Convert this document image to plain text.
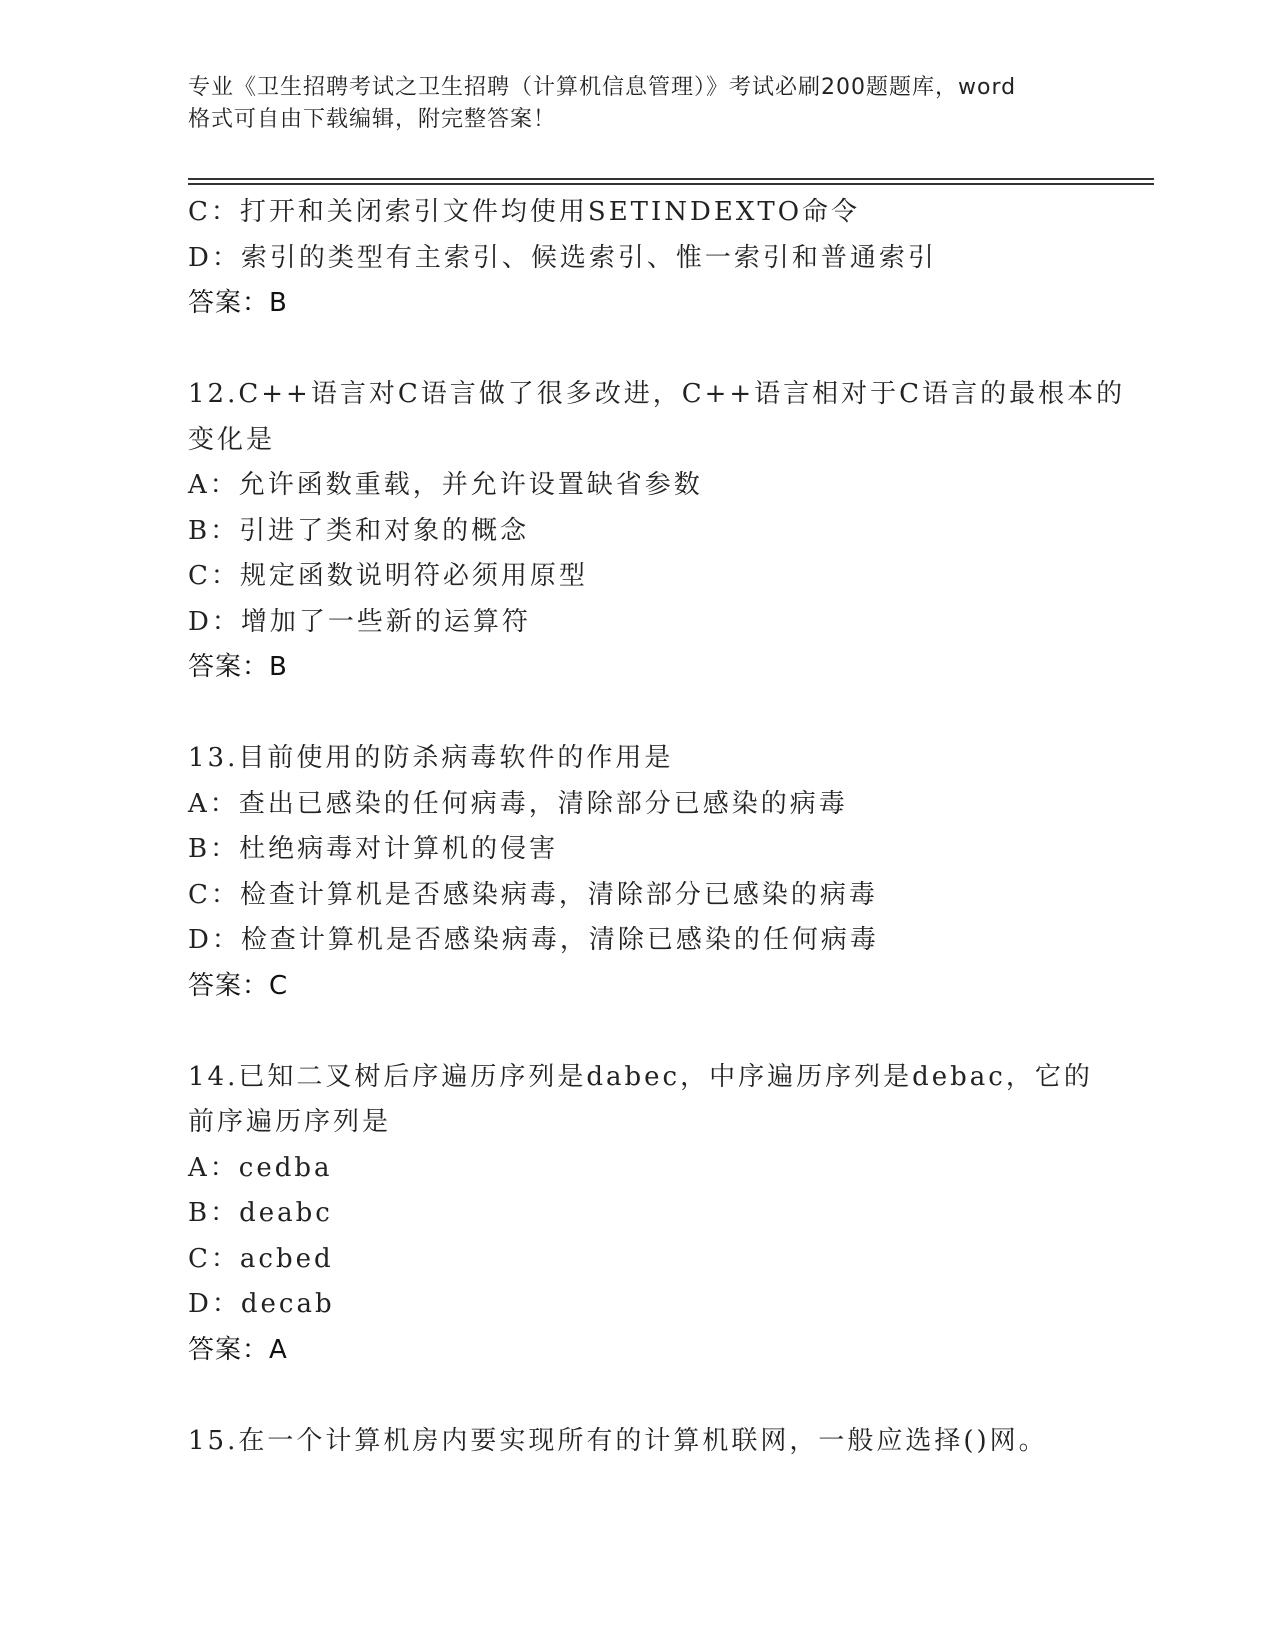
专业《卫生招聘考试之卫生招聘（计算机信息管理）》考试必刷200题题库，word
格式可自由下载编辑，附完整答案！
C：打开和关闭索引文件均使用SETINDEXTO命令
D：索引的类型有主索引、候选索引、惟一索引和普通索引
答案：B
12.C++语言对C语言做了很多改进，C++语言相对于C语言的最根本的
变化是
A：允许函数重载，并允许设置缺省参数
B：引进了类和对象的概念
C：规定函数说明符必须用原型
D：增加了一些新的运算符
答案：B
13.目前使用的防杀病毒软件的作用是
A：查出已感染的任何病毒，清除部分已感染的病毒
B：杜绝病毒对计算机的侵害
C：检查计算机是否感染病毒，清除部分已感染的病毒
D：检查计算机是否感染病毒，清除已感染的任何病毒
答案：C
14.已知二叉树后序遍历序列是dabec，中序遍历序列是debac，它的
前序遍历序列是
A：cedba
B：deabc
C：acbed
D：decab
答案：A
15.在一个计算机房内要实现所有的计算机联网，一般应选择()网。
